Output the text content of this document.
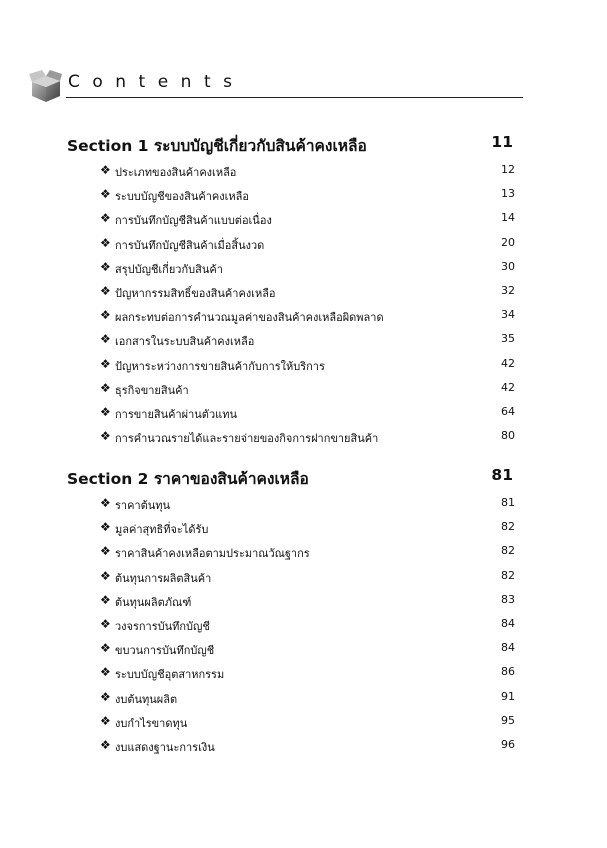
Contents
Section 1 ระบบบัญชีเกี่ยวกับสินค้าคงเหลือ	11
❖ ประเภทของสินค้าคงเหลือ	12
❖ ระบบบัญชีของสินค้าคงเหลือ	13
❖ การบันทึกบัญชีสินค้าแบบต่อเนื่อง	14
❖ การบันทึกบัญชีสินค้าเมื่อสิ้นงวด	20
❖ สรุปบัญชีเกี่ยวกับสินค้า	30
❖ ปัญหากรรมสิทธิ์ของสินค้าคงเหลือ	32
❖ ผลกระทบต่อการคำนวณมูลค่าของสินค้าคงเหลือผิดพลาด	34
❖ เอกสารในระบบสินค้าคงเหลือ	35
❖ ปัญหาระหว่างการขายสินค้ากับการให้บริการ	42
❖ ธุรกิจขายสินค้า	42
❖ การขายสินค้าผ่านตัวแทน	64
❖ การคำนวณรายได้และรายจ่ายของกิจการฝากขายสินค้า	80
Section 2 ราคาของสินค้าคงเหลือ	81
❖ ราคาต้นทุน	81
❖ มูลค่าสุทธิที่จะได้รับ	82
❖ ราคาสินค้าคงเหลือตามประมาณวัณฐากร	82
❖ ต้นทุนการผลิตสินค้า	82
❖ ต้นทุนผลิตภัณฑ์	83
❖ วงจรการบันทึกบัญชี	84
❖ ขบวนการบันทึกบัญชี	84
❖ ระบบบัญชีอุตสาหกรรม	86
❖ งบต้นทุนผลิต	91
❖ งบกำไรขาดทุน	95
❖ งบแสดงฐานะการเงิน	96
